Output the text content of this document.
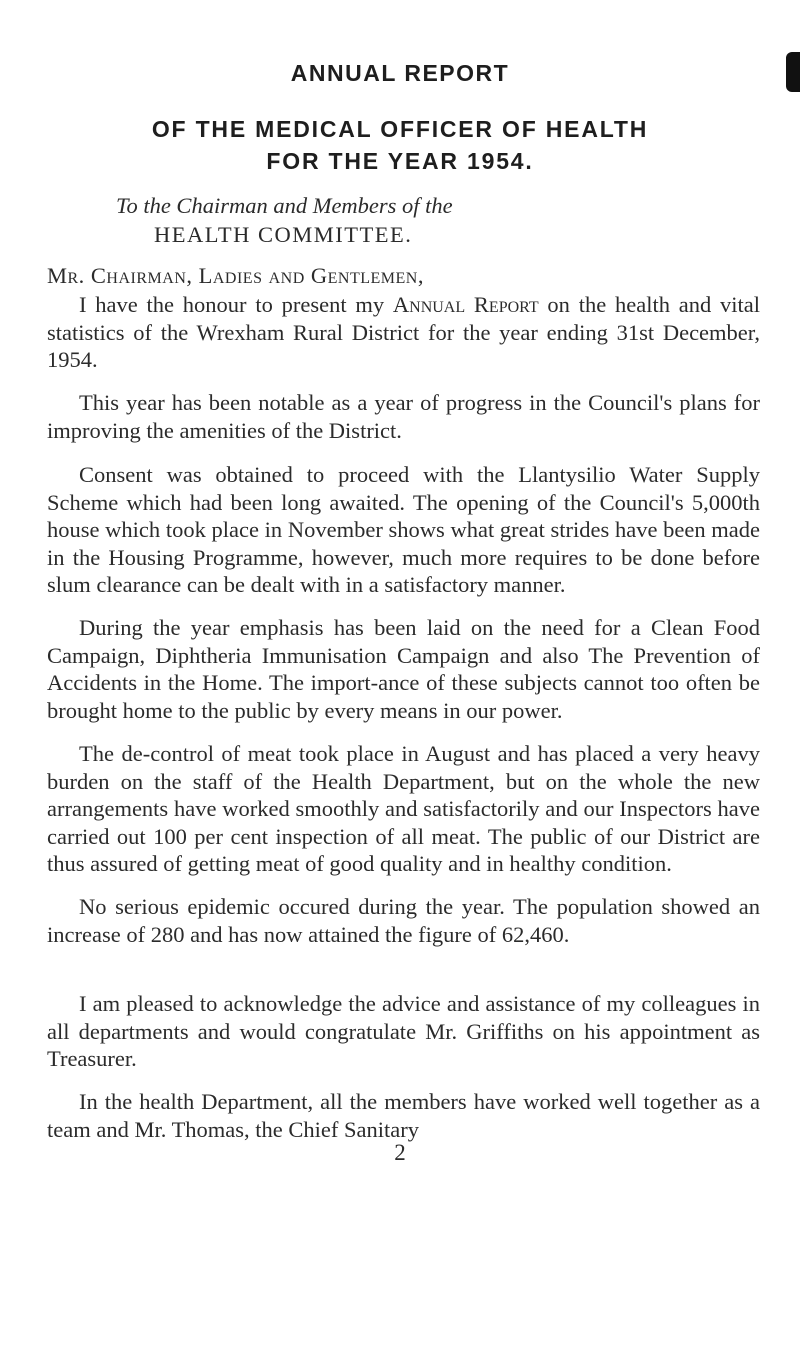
ANNUAL REPORT
OF THE MEDICAL OFFICER OF HEALTH
FOR THE YEAR 1954.

To the Chairman and Members of the

HEALTH COMMITTEE.

Mr. Chairman, Ladies and Gentlemen,

I have the honour to present my Annual Report on the health and vital statistics of the Wrexham Rural District for the year ending 31st December, 1954.

This year has been notable as a year of progress in the Council's plans for improving the amenities of the District.

Consent was obtained to proceed with the Llantysilio Water Supply Scheme which had been long awaited. The opening of the Council's 5,000th house which took place in November shows what great strides have been made in the Housing Programme, however, much more requires to be done before slum clearance can be dealt with in a satisfactory manner.

During the year emphasis has been laid on the need for a Clean Food Campaign, Diphtheria Immunisation Campaign and also The Prevention of Accidents in the Home. The import-ance of these subjects cannot too often be brought home to the public by every means in our power.

The de-control of meat took place in August and has placed a very heavy burden on the staff of the Health Department, but on the whole the new arrangements have worked smoothly and satisfactorily and our Inspectors have carried out 100 per cent inspection of all meat. The public of our District are thus assured of getting meat of good quality and in healthy condition.

No serious epidemic occured during the year. The population showed an increase of 280 and has now attained the figure of 62,460.

I am pleased to acknowledge the advice and assistance of my colleagues in all departments and would congratulate Mr. Griffiths on his appointment as Treasurer.

In the health Department, all the members have worked well together as a team and Mr. Thomas, the Chief Sanitary

2
